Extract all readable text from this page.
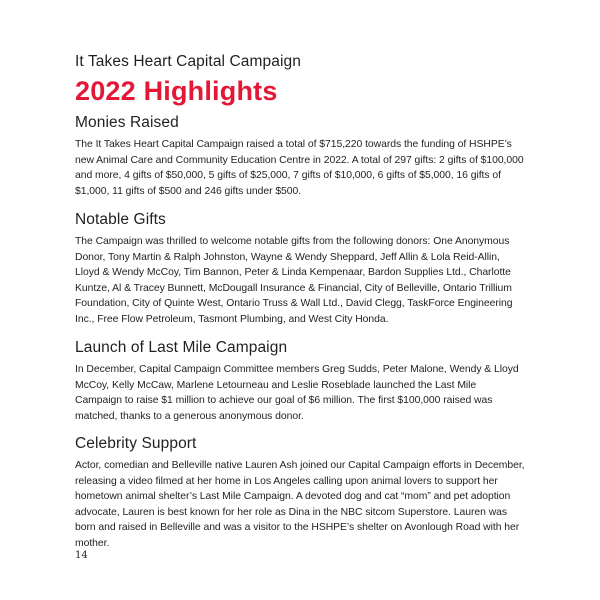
It Takes Heart Capital Campaign
2022 Highlights
Monies Raised

The It Takes Heart Capital Campaign raised a total of $715,220 towards the funding of HSHPE’s new Animal Care and Community Education Centre in 2022. A total of 297 gifts: 2 gifts of $100,000 and more, 4 gifts of $50,000, 5 gifts of $25,000, 7 gifts of $10,000, 6 gifts of $5,000, 16 gifts of $1,000, 11 gifts of $500 and 246 gifts under $500.

Notable Gifts

The Campaign was thrilled to welcome notable gifts from the following donors: One Anonymous Donor, Tony Martin & Ralph Johnston, Wayne & Wendy Sheppard, Jeff Allin & Lola Reid-Allin, Lloyd & Wendy McCoy, Tim Bannon, Peter & Linda Kempenaar, Bardon Supplies Ltd., Charlotte Kuntze, Al & Tracey Bunnett, McDougall Insurance & Financial, City of Belleville, Ontario Trillium Foundation, City of Quinte West, Ontario Truss & Wall Ltd., David Clegg, TaskForce Engineering Inc., Free Flow Petroleum, Tasmont Plumbing, and West City Honda.

Launch of Last Mile Campaign

In December, Capital Campaign Committee members Greg Sudds, Peter Malone, Wendy & Lloyd McCoy, Kelly McCaw, Marlene Letourneau and Leslie Roseblade launched the Last Mile Campaign to raise $1 million to achieve our goal of $6 million. The first $100,000 raised was matched, thanks to a generous anonymous donor.

Celebrity Support

Actor, comedian and Belleville native Lauren Ash joined our Capital Campaign efforts in December, releasing a video filmed at her home in Los Angeles calling upon animal lovers to support her hometown animal shelter’s Last Mile Campaign. A devoted dog and cat “mom” and pet adoption advocate, Lauren is best known for her role as Dina in the NBC sitcom Superstore. Lauren was born and raised in Belleville and was a visitor to the HSHPE’s shelter on Avonlough Road with her mother.

14
